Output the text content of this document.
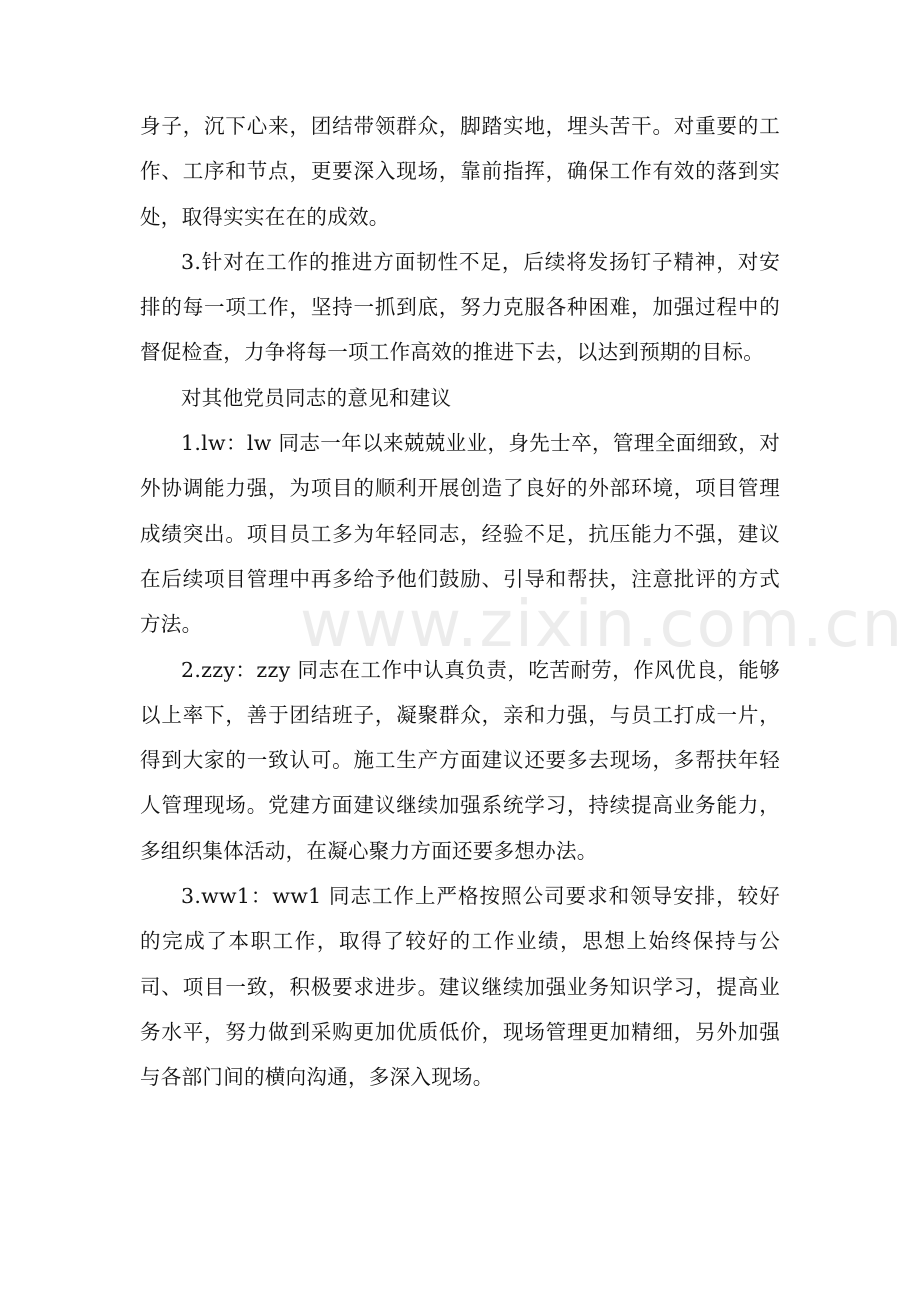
身子，沉下心来，团结带领群众，脚踏实地，埋头苦干。对重要的工作、工序和节点，更要深入现场，靠前指挥，确保工作有效的落到实处，取得实实在在的成效。

3.针对在工作的推进方面韧性不足，后续将发扬钉子精神，对安排的每一项工作，坚持一抓到底，努力克服各种困难，加强过程中的督促检查，力争将每一项工作高效的推进下去，以达到预期的目标。

对其他党员同志的意见和建议

1.lw：lw 同志一年以来兢兢业业，身先士卒，管理全面细致，对外协调能力强，为项目的顺利开展创造了良好的外部环境，项目管理成绩突出。项目员工多为年轻同志，经验不足，抗压能力不强，建议在后续项目管理中再多给予他们鼓励、引导和帮扶，注意批评的方式方法。

2.zzy：zzy 同志在工作中认真负责，吃苦耐劳，作风优良，能够以上率下，善于团结班子，凝聚群众，亲和力强，与员工打成一片，得到大家的一致认可。施工生产方面建议还要多去现场，多帮扶年轻人管理现场。党建方面建议继续加强系统学习，持续提高业务能力，多组织集体活动，在凝心聚力方面还要多想办法。

3.ww1：ww1 同志工作上严格按照公司要求和领导安排，较好的完成了本职工作，取得了较好的工作业绩，思想上始终保持与公司、项目一致，积极要求进步。建议继续加强业务知识学习，提高业务水平，努力做到采购更加优质低价，现场管理更加精细，另外加强与各部门间的横向沟通，多深入现场。

www.zixin.com.cn
